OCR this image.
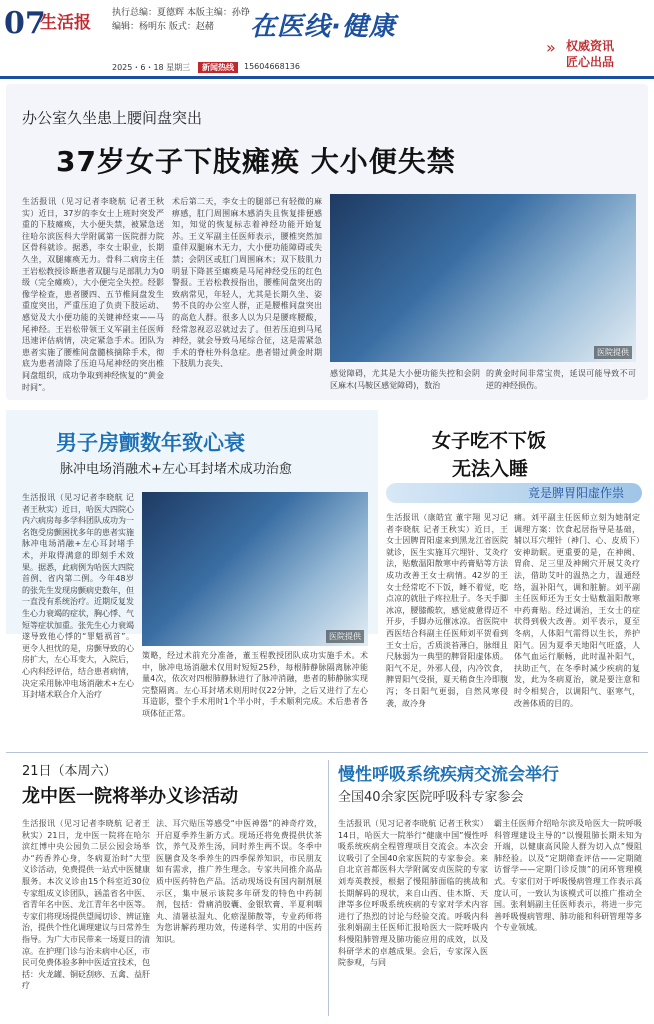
07
生活报 执行总编：夏德辉 本版主编：孙铮
编辑：杨明东 版式：赵赭	在医线·健康
» 权威资讯
匠心出品
2025・6・18 星期三	新闻热线	15604668136
办公室久坐患上腰间盘突出
37岁女子下肢瘫痪 大小便失禁
生活报讯（见习记者李晓航 记者王秋实）近日，37岁的李女士上班时突发严重的下肢瘫痪，大小便失禁，被紧急送往哈尔滨医科大学附属第一医院群力院区骨科就诊。据悉，李女士职业，长期久坐，双腿瘫痪无力。骨科二病房主任王岩松教授诊断患者双腿与足部肌力为0级（完全瘫痪），大小便完全失控。经影像学检查，患者腰四、五节椎间盘发生重度突出，严重压迫了负责下肢运动、感觉及大小便功能的关键神经束——马尾神经。王岩松带领王义军副主任医师迅速评估病情，决定紧急手术。团队为患者实施了腰椎间盘髓核摘除手术，彻底为患者清除了压迫马尾神经的突出椎间盘组织，成功争取到神经恢复的“黄金时间”。
术后第二天，李女士的腿部已有轻微的麻痹感，肛门周围麻木感消失且恢复排便感知，知觉的恢复标志着神经功能开始复苏。王义军副主任医师表示，腰椎突然加重伴双腿麻木无力，大小便功能障碍或失禁；会阴区或肛门周围麻木；双下肢肌力明显下降甚至瘫痪是马尾神经受压的红色警报。王岩松教授指出，腰椎间盘突出的致病常见，年轻人，尤其是长期久坐、姿势不良的办公室人群，正是腰椎间盘突出的高危人群。很多人以为只是腰疼腰酸，经常忽视忍忍就过去了。但若压迫到马尾神经，就会导致马尾综合征，这是需紧急手术的脊柱外科急症。患者错过黄金时期下肢肌力丧失、
医院提供
感觉障碍，尤其是大小便功能失控和会阴区麻木(马鞍区感觉障碍)，数治
的黄金时间非常宝贵，延误可能导致不可逆的神经损伤。
男子房颤数年致心衰
脉冲电场消融术+左心耳封堵术成功治愈
生活报讯（见习记者李晓航 记者王秋实）近日，哈医大四院心内六病房每多学科团队成功为一名饱受房颤困扰多年的患者实施脉冲电场消融+左心耳封堵手术，并取得满意的即刻手术效果。据悉，此病例为哈医大四院首例、省内第二例。今年48岁的张先生发现房颤病史数年，但一直没有系统治疗。近期反复发生心力衰竭的症状，胸心悸、气短等症状加重。张先生心力衰竭遂导致他心悸的“罪魁祸首”。更令人担忧的是，房颤导致的心房扩大，左心耳变大，入院后，心内科经评估，结合患者病情，决定采用脉冲电场消融术+左心耳封堵术联合介入治疗
医院提供
策略，经过术前充分准备，董玉程教授团队成功实施手术。术中，脉冲电场消融术仅用时短短25秒，每根肺静脉隔离脉冲能量4次，依次对四根肺静脉进行了脉冲消融，患者的肺静脉实现完整隔离。左心耳封堵术则用时仅22分钟，之后又进行了左心耳造影，整个手术用时1个半小时，手术顺利完成。术后患者各项体征正常。
女子吃不下饭
无法入睡
竟是脾胃阳虚作祟
生活报讯（康皓宜 董宇翔 见习记者李晓航 记者王秋实）近日，王女士因脾胃阳虚来到黑龙江省医院就诊，医生实施耳穴埋针、艾灸疗法，贴敷温阳散寒中药膏贴等方法成功改善王女士病情。42岁的王女士经常吃不下饭，睡不着觉，吃点凉的就肚子疼拉肚子。冬天手脚冰凉，腰膝酸软，感觉疲惫得迈不开步，手脚办远催冰凉。省医院中西医结合科副主任医师刘平贺看到王女士后，舌质淡苔薄白，脉细且尺脉弱为一典型的脾肾阳虚体质。阳气不足，外邪人侵，内冷饮食，脾胃阳气受损，夏天稍食生冷即腹泻；冬日阳气更弱，自然风寒侵袭，故冷身
痛。刘平副主任医师立刻为她制定调理方案：饮食起居指导是基础，辅以耳穴埋针（神门、心、皮质下）安神助眠。更重要的是，在神阙、胃俞、足三里及神阙穴开展艾灸疗法，借助艾叶的温热之力，温通经络，温补阳气，调和脏腑。刘平副主任医师还为王女士贴敷温阳散寒中药膏贴。经过调治，王女士的症状得到极大改善。刘平表示，夏至冬病，人体阳气需得以生长，养护阳气。因为夏季天地阳气旺盛，人体气血运行顺畅，此时温补阳气，扶助正气，在冬季时减少疾病的复发，此为冬病夏治，就是要注意和时令相契合，以调阳气、驱寒气，改善体质的目的。
21日（本周六）
龙中医一院将举办义诊活动
生活报讯（见习记者李晓航 记者王秋实）21日，龙中医一院将在哈尔滨红博中央公园负二层公园会场举办“药香养心身，冬病夏治时”大型义诊活动，免费提供一站式中医健康服务。本次义诊由15个科室近30位专家组成义诊团队，涵盖省名中医、省青年名中医、龙江青年名中医等。专家们将现场提供望闻切诊、辨证施治，提供个性化调理建议与日常养生指导。为广大市民带来一场夏日的清凉。在护理门诊与治未病中心区，市民可免费体验多种中医适宜技术，包括：火龙罐、铜砭刮痧、五禽、益肝疗
法、耳穴贴压等感受“中医神器”的神奇疗效，开启夏季养生新方式。现场还将免费提供伏茶饮，养气及养生汤，同时养生两不误。冬季中医膳食及冬季养生的四季保养知识，市民朋友如有需求，推广养生理念。专家共同推介高品质中医药特色产品。活动现场设有国内制剂展示区，集中展示该院多年研发的特色中药制剂，包括：骨痛消胶囊、金银软膏、半夏利咽丸、清暑祛湿丸、化瘀湿肺散等，专业药师将为您讲解药理功效，传递科学、实用的中医药知识。
慢性呼吸系统疾病交流会举行
全国40余家医院呼吸科专家参会
生活报讯（见习记者李晓航 记者王秋实）14日，哈医大一院举行“健康中国”慢性呼吸系统疾病全程管理项目交流会。本次会议吸引了全国40余家医院的专家参会。来自北京首都医科大学附属安贞医院的专家刘寿英教授，根据了慢阻肺面临的挑战和长期解码的现状，来自山西、佳木斯、天津等多位呼吸系统疾病的专家对学术内容进行了热烈的讨论与经验交流。呼吸内科张利娟副主任医师汇报哈医大一院呼吸内科慢阻肺管理及肺功能应用的成效，以及科研学术的卓越成果。会后，专家深入医院参观，与同
霸主任医师介绍哈尔滨及哈医大一院呼吸科管理建设主导的“以慢阻肺长期未知为开端，以健康高风险人群为切入点”慢阻肺经验。以及“定期筛查评估——定期随访督学——定期门诊反馈”的闭环管理模式。专家们对于呼吸慢病管理工作表示高度认可，一致认为该模式可以推广推动全国。张利娟副主任医师表示，将进一步完善呼吸慢病管理、肺功能和科研管理等多个专业领域。
